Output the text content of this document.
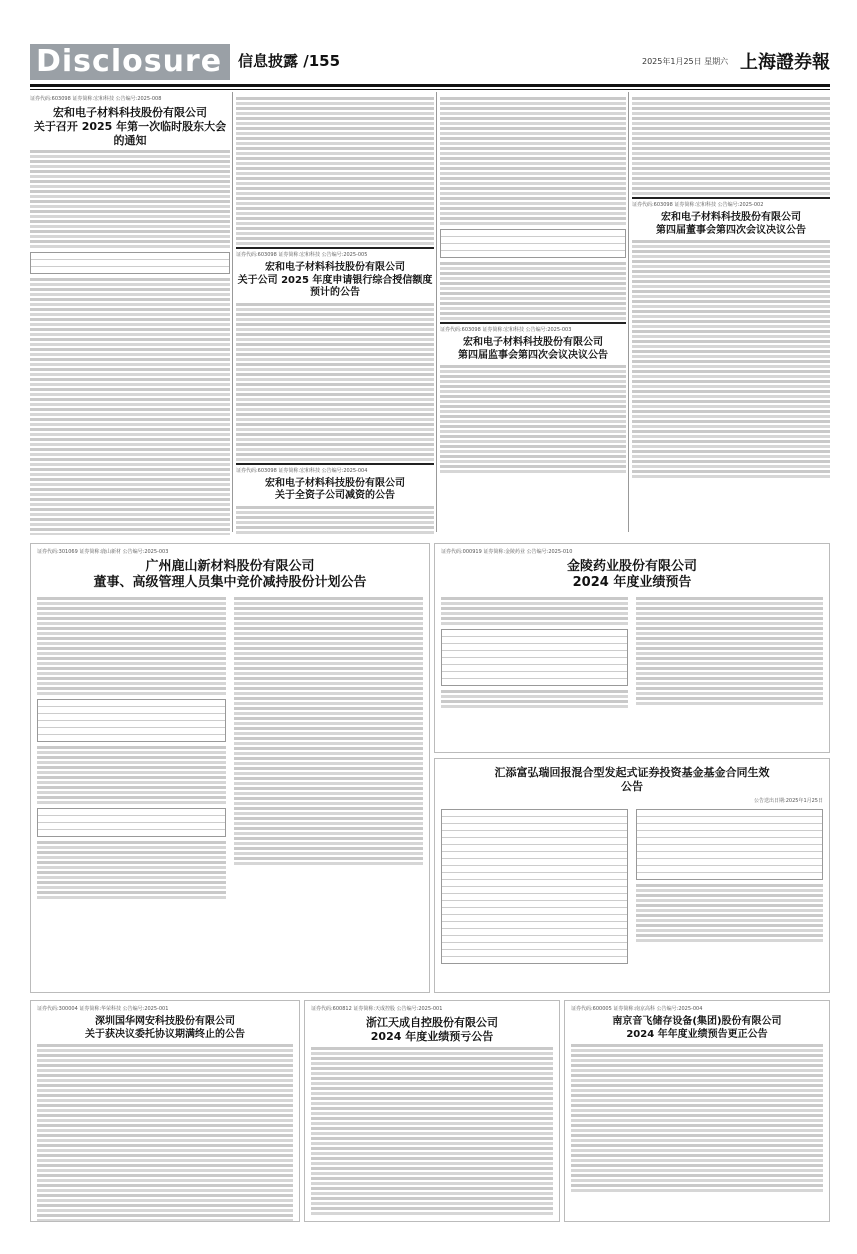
Disclosure	信息披露 /155	2025年1月25日 星期六 上海證券報
证券代码:603098 证券简称:宏和科技 公告编号:2025-008
宏和电子材料科技股份有限公司
关于召开 2025 年第一次临时股东大会的通知
证券代码:603098 证券简称:宏和科技 公告编号:2025-005
宏和电子材料科技股份有限公司
关于公司 2025 年度申请银行综合授信额度预计的公告
证券代码:603098 证券简称:宏和科技 公告编号:2025-004
宏和电子材料科技股份有限公司
关于全资子公司减资的公告
证券代码:603098 证券简称:宏和科技 公告编号:2025-003
宏和电子材料科技股份有限公司
第四届监事会第四次会议决议公告
证券代码:603098 证券简称:宏和科技 公告编号:2025-002
宏和电子材料科技股份有限公司
第四届董事会第四次会议决议公告
证券代码:301069 证券简称:鹿山新材 公告编号:2025-003
广州鹿山新材料股份有限公司
董事、高级管理人员集中竞价减持股份计划公告
证券代码:000919 证券简称:金陵药业 公告编号:2025-010
金陵药业股份有限公司
2024 年度业绩预告
汇添富弘瑞回报混合型发起式证券投资基金基金合同生效
公告
公告送出日期:2025年1月25日
证券代码:300004 证券简称:华荣科技 公告编号:2025-001
深圳国华网安科技股份有限公司
关于获决议委托协议期满终止的公告
证券代码:600812 证券简称:天成控股 公告编号:2025-001
浙江天成自控股份有限公司
2024 年度业绩预亏公告
证券代码:600005 证券简称:南京高科 公告编号:2025-004
南京音飞储存设备(集团)股份有限公司
2024 年年度业绩预告更正公告
